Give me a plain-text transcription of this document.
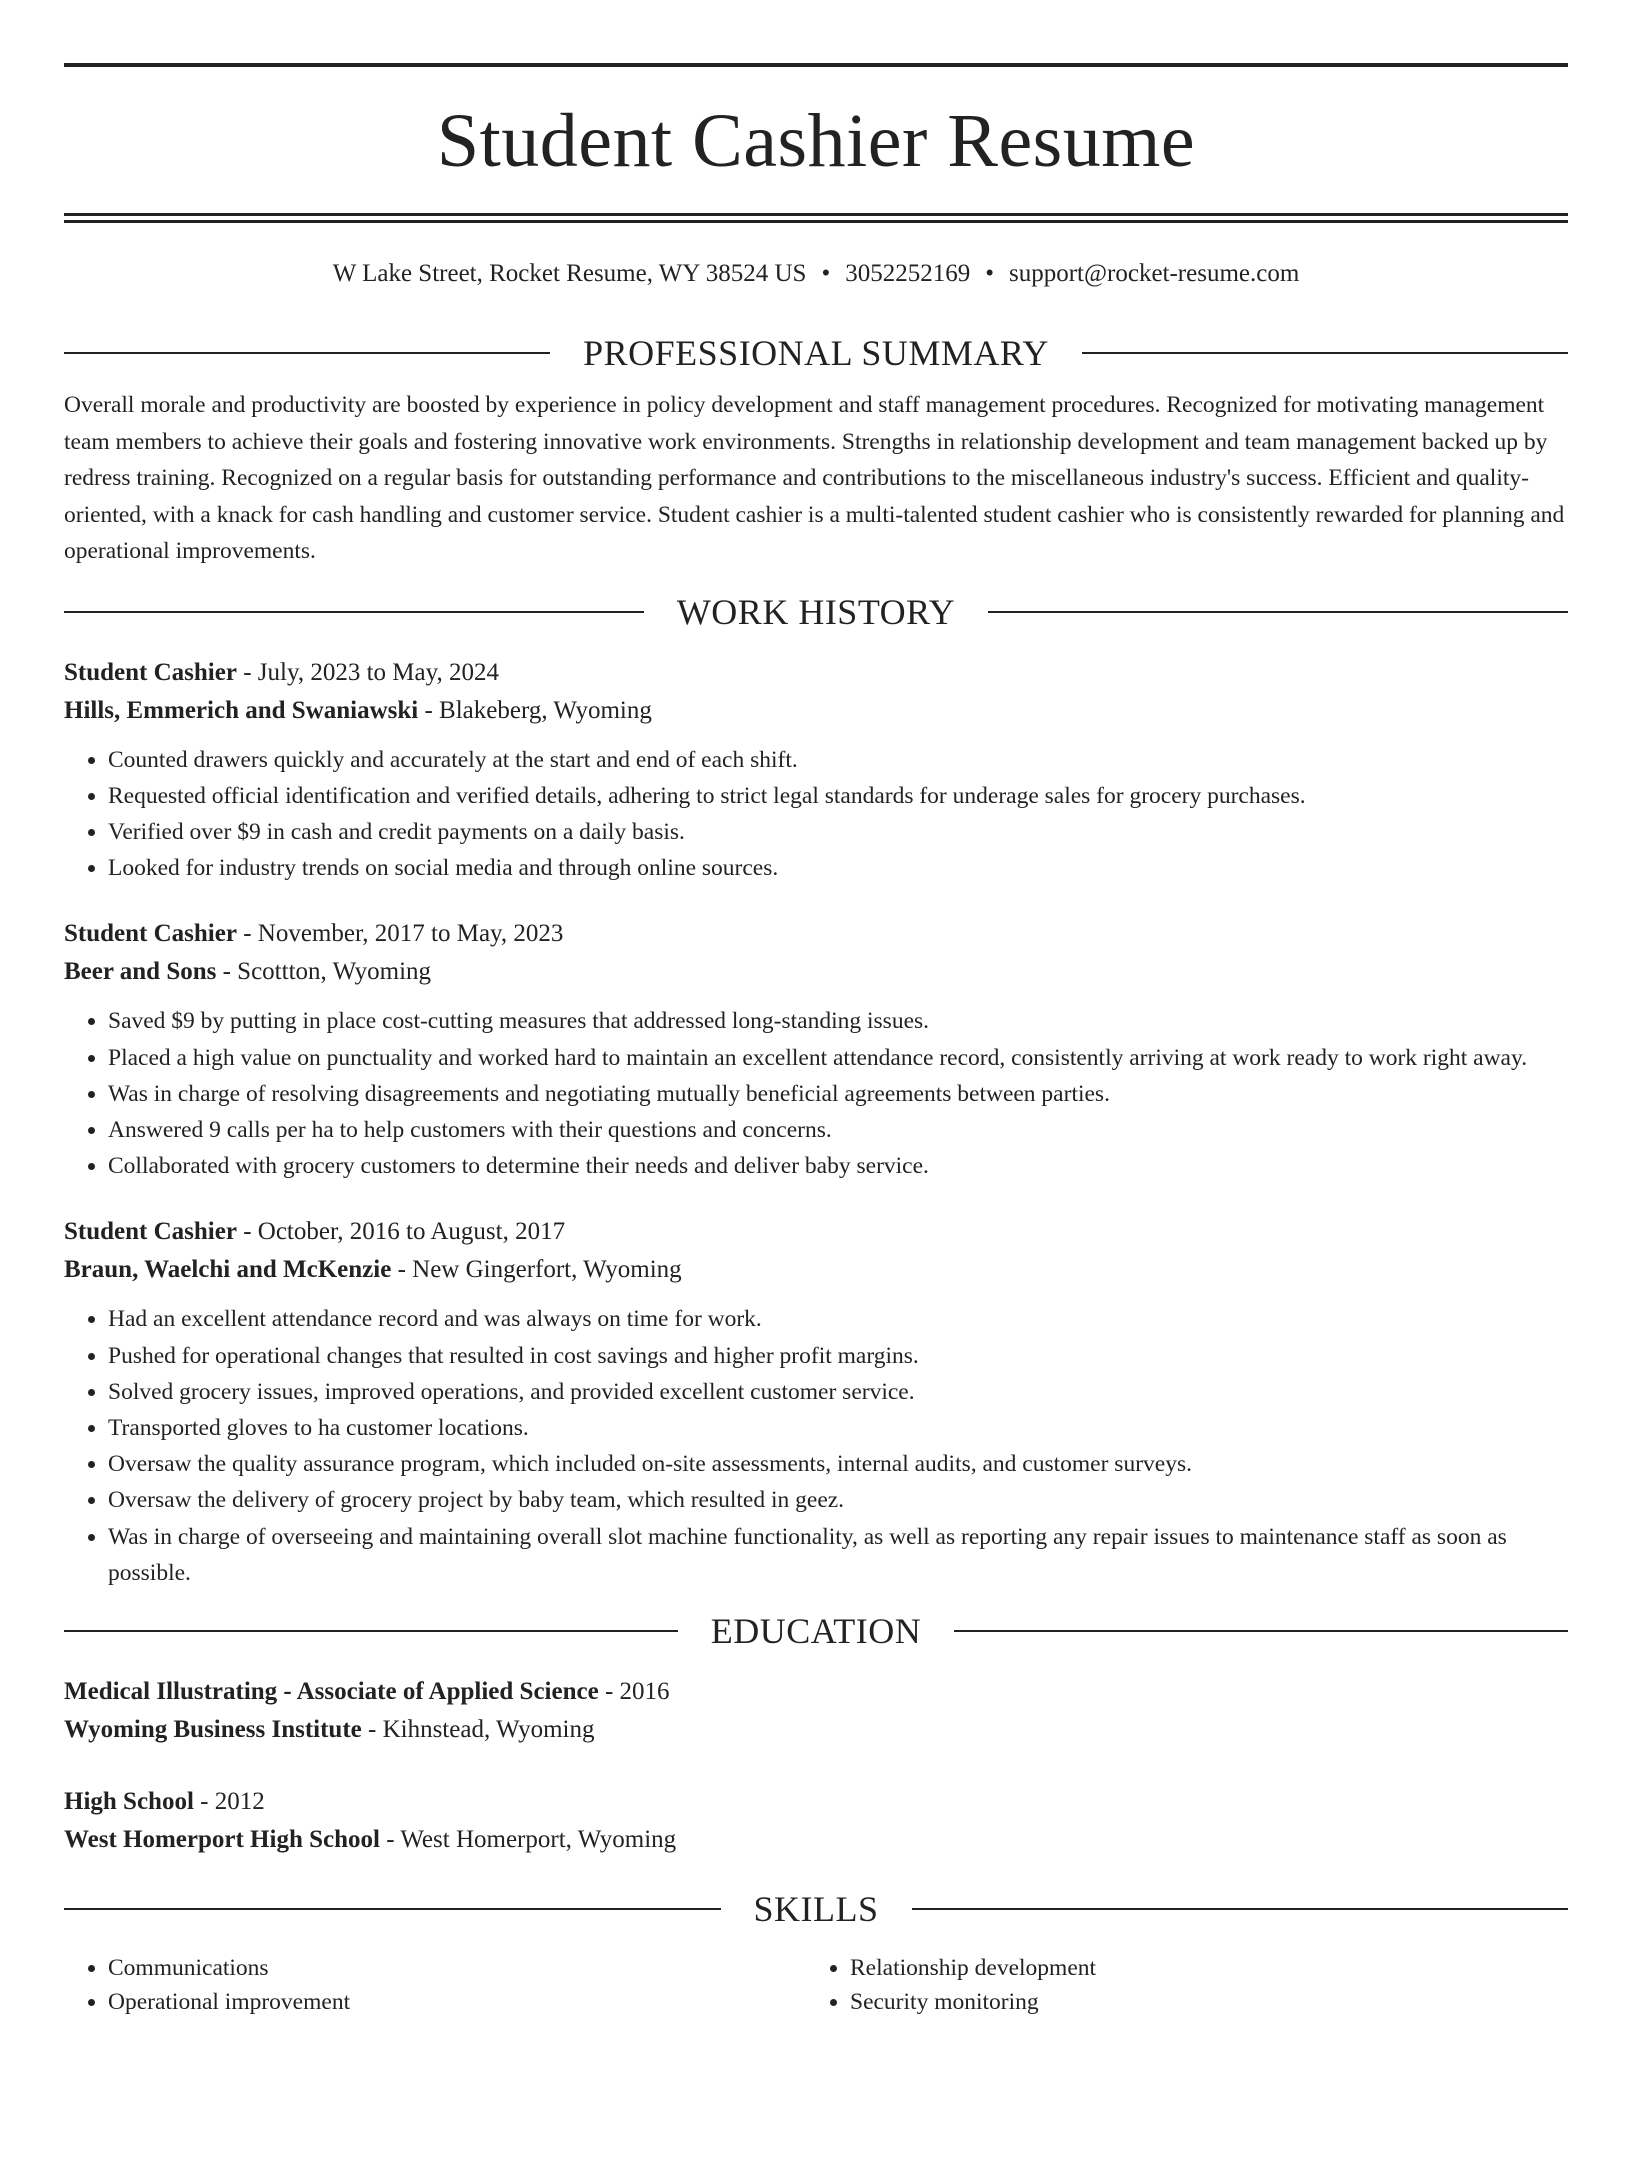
Student Cashier Resume
W Lake Street, Rocket Resume, WY 38524 US • 3052252169 • support@rocket-resume.com
PROFESSIONAL SUMMARY

Overall morale and productivity are boosted by experience in policy development and staff management procedures. Recognized for motivating management team members to achieve their goals and fostering innovative work environments. Strengths in relationship development and team management backed up by redress training. Recognized on a regular basis for outstanding performance and contributions to the miscellaneous industry's success. Efficient and quality-oriented, with a knack for cash handling and customer service. Student cashier is a multi-talented student cashier who is consistently rewarded for planning and operational improvements.

WORK HISTORY

Student Cashier - July, 2023 to May, 2024

Hills, Emmerich and Swaniawski - Blakeberg, Wyoming

• Counted drawers quickly and accurately at the start and end of each shift.
• Requested official identification and verified details, adhering to strict legal standards for underage sales for grocery purchases.
• Verified over $9 in cash and credit payments on a daily basis.
• Looked for industry trends on social media and through online sources.

Student Cashier - November, 2017 to May, 2023

Beer and Sons - Scottton, Wyoming

• Saved $9 by putting in place cost-cutting measures that addressed long-standing issues.
• Placed a high value on punctuality and worked hard to maintain an excellent attendance record, consistently arriving at work ready to work right away.
• Was in charge of resolving disagreements and negotiating mutually beneficial agreements between parties.
• Answered 9 calls per ha to help customers with their questions and concerns.
• Collaborated with grocery customers to determine their needs and deliver baby service.

Student Cashier - October, 2016 to August, 2017

Braun, Waelchi and McKenzie - New Gingerfort, Wyoming

• Had an excellent attendance record and was always on time for work.
• Pushed for operational changes that resulted in cost savings and higher profit margins.
• Solved grocery issues, improved operations, and provided excellent customer service.
• Transported gloves to ha customer locations.
• Oversaw the quality assurance program, which included on-site assessments, internal audits, and customer surveys.
• Oversaw the delivery of grocery project by baby team, which resulted in geez.
• Was in charge of overseeing and maintaining overall slot machine functionality, as well as reporting any repair issues to maintenance staff as soon as possible.
EDUCATION

Medical Illustrating - Associate of Applied Science - 2016

Wyoming Business Institute - Kihnstead, Wyoming

High School - 2012

West Homerport High School - West Homerport, Wyoming

SKILLS
• Communications
• Operational improvement
• Relationship development
• Security monitoring
